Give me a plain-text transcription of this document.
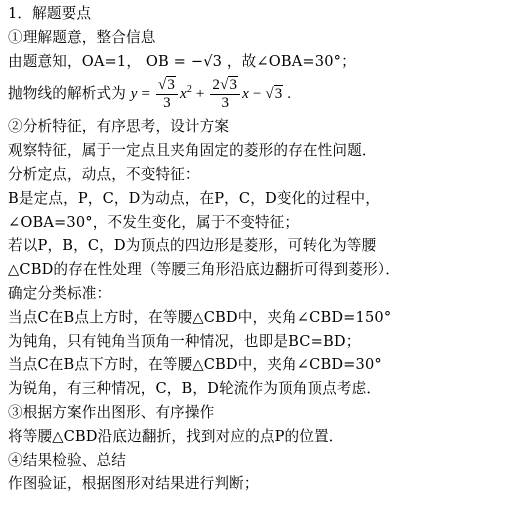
1．解题要点
①理解题意，整合信息
由题意知，OA=1， OB = −√3 ，故∠OBA=30°；
抛物线的解析式为 $y = \frac{√3}{3} x^2 + \frac{2√3}{3}$ x − √3 .
②分析特征，有序思考，设计方案
观察特征，属于一定点且夹角固定的菱形的存在性问题．
分析定点，动点，不变特征：
B是定点，P，C，D为动点，在P，C，D变化的过程中，
∠OBA=30°，不发生变化，属于不变特征；
若以P，B，C，D为顶点的四边形是菱形，可转化为等腰
△CBD的存在性处理（等腰三角形沿底边翻折可得到菱形）．
确定分类标准：
当点C在B点上方时，在等腰△CBD中，夹角∠CBD=150°
为钝角，只有钝角当顶角一种情况，也即是BC=BD；
当点C在B点下方时，在等腰△CBD中，夹角∠CBD=30°
为锐角，有三种情况，C，B，D轮流作为顶角顶点考虑．
③根据方案作出图形、有序操作
将等腰△CBD沿底边翻折，找到对应的点P的位置．
④结果检验、总结
作图验证，根据图形对结果进行判断；
